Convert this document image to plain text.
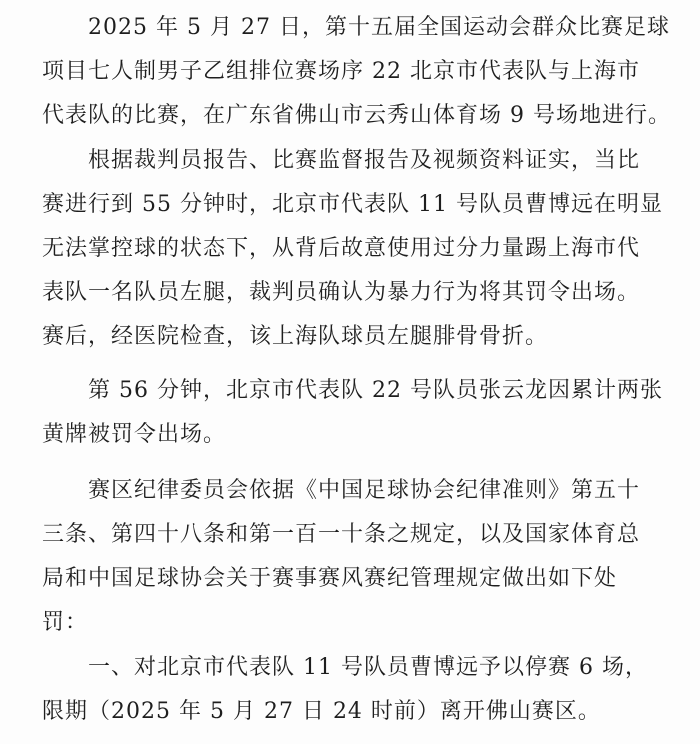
2025 年 5 月 27 日，第十五届全国运动会群众比赛足球
项目七人制男子乙组排位赛场序 22 北京市代表队与上海市
代表队的比赛，在广东省佛山市云秀山体育场 9 号场地进行。
根据裁判员报告、比赛监督报告及视频资料证实，当比
赛进行到 55 分钟时，北京市代表队 11 号队员曹博远在明显
无法掌控球的状态下，从背后故意使用过分力量踢上海市代
表队一名队员左腿，裁判员确认为暴力行为将其罚令出场。
赛后，经医院检查，该上海队球员左腿腓骨骨折。
第 56 分钟，北京市代表队 22 号队员张云龙因累计两张
黄牌被罚令出场。
赛区纪律委员会依据《中国足球协会纪律准则》第五十
三条、第四十八条和第一百一十条之规定，以及国家体育总
局和中国足球协会关于赛事赛风赛纪管理规定做出如下处
罚：
一、对北京市代表队 11 号队员曹博远予以停赛 6 场，
限期（2025 年 5 月 27 日 24 时前）离开佛山赛区。
